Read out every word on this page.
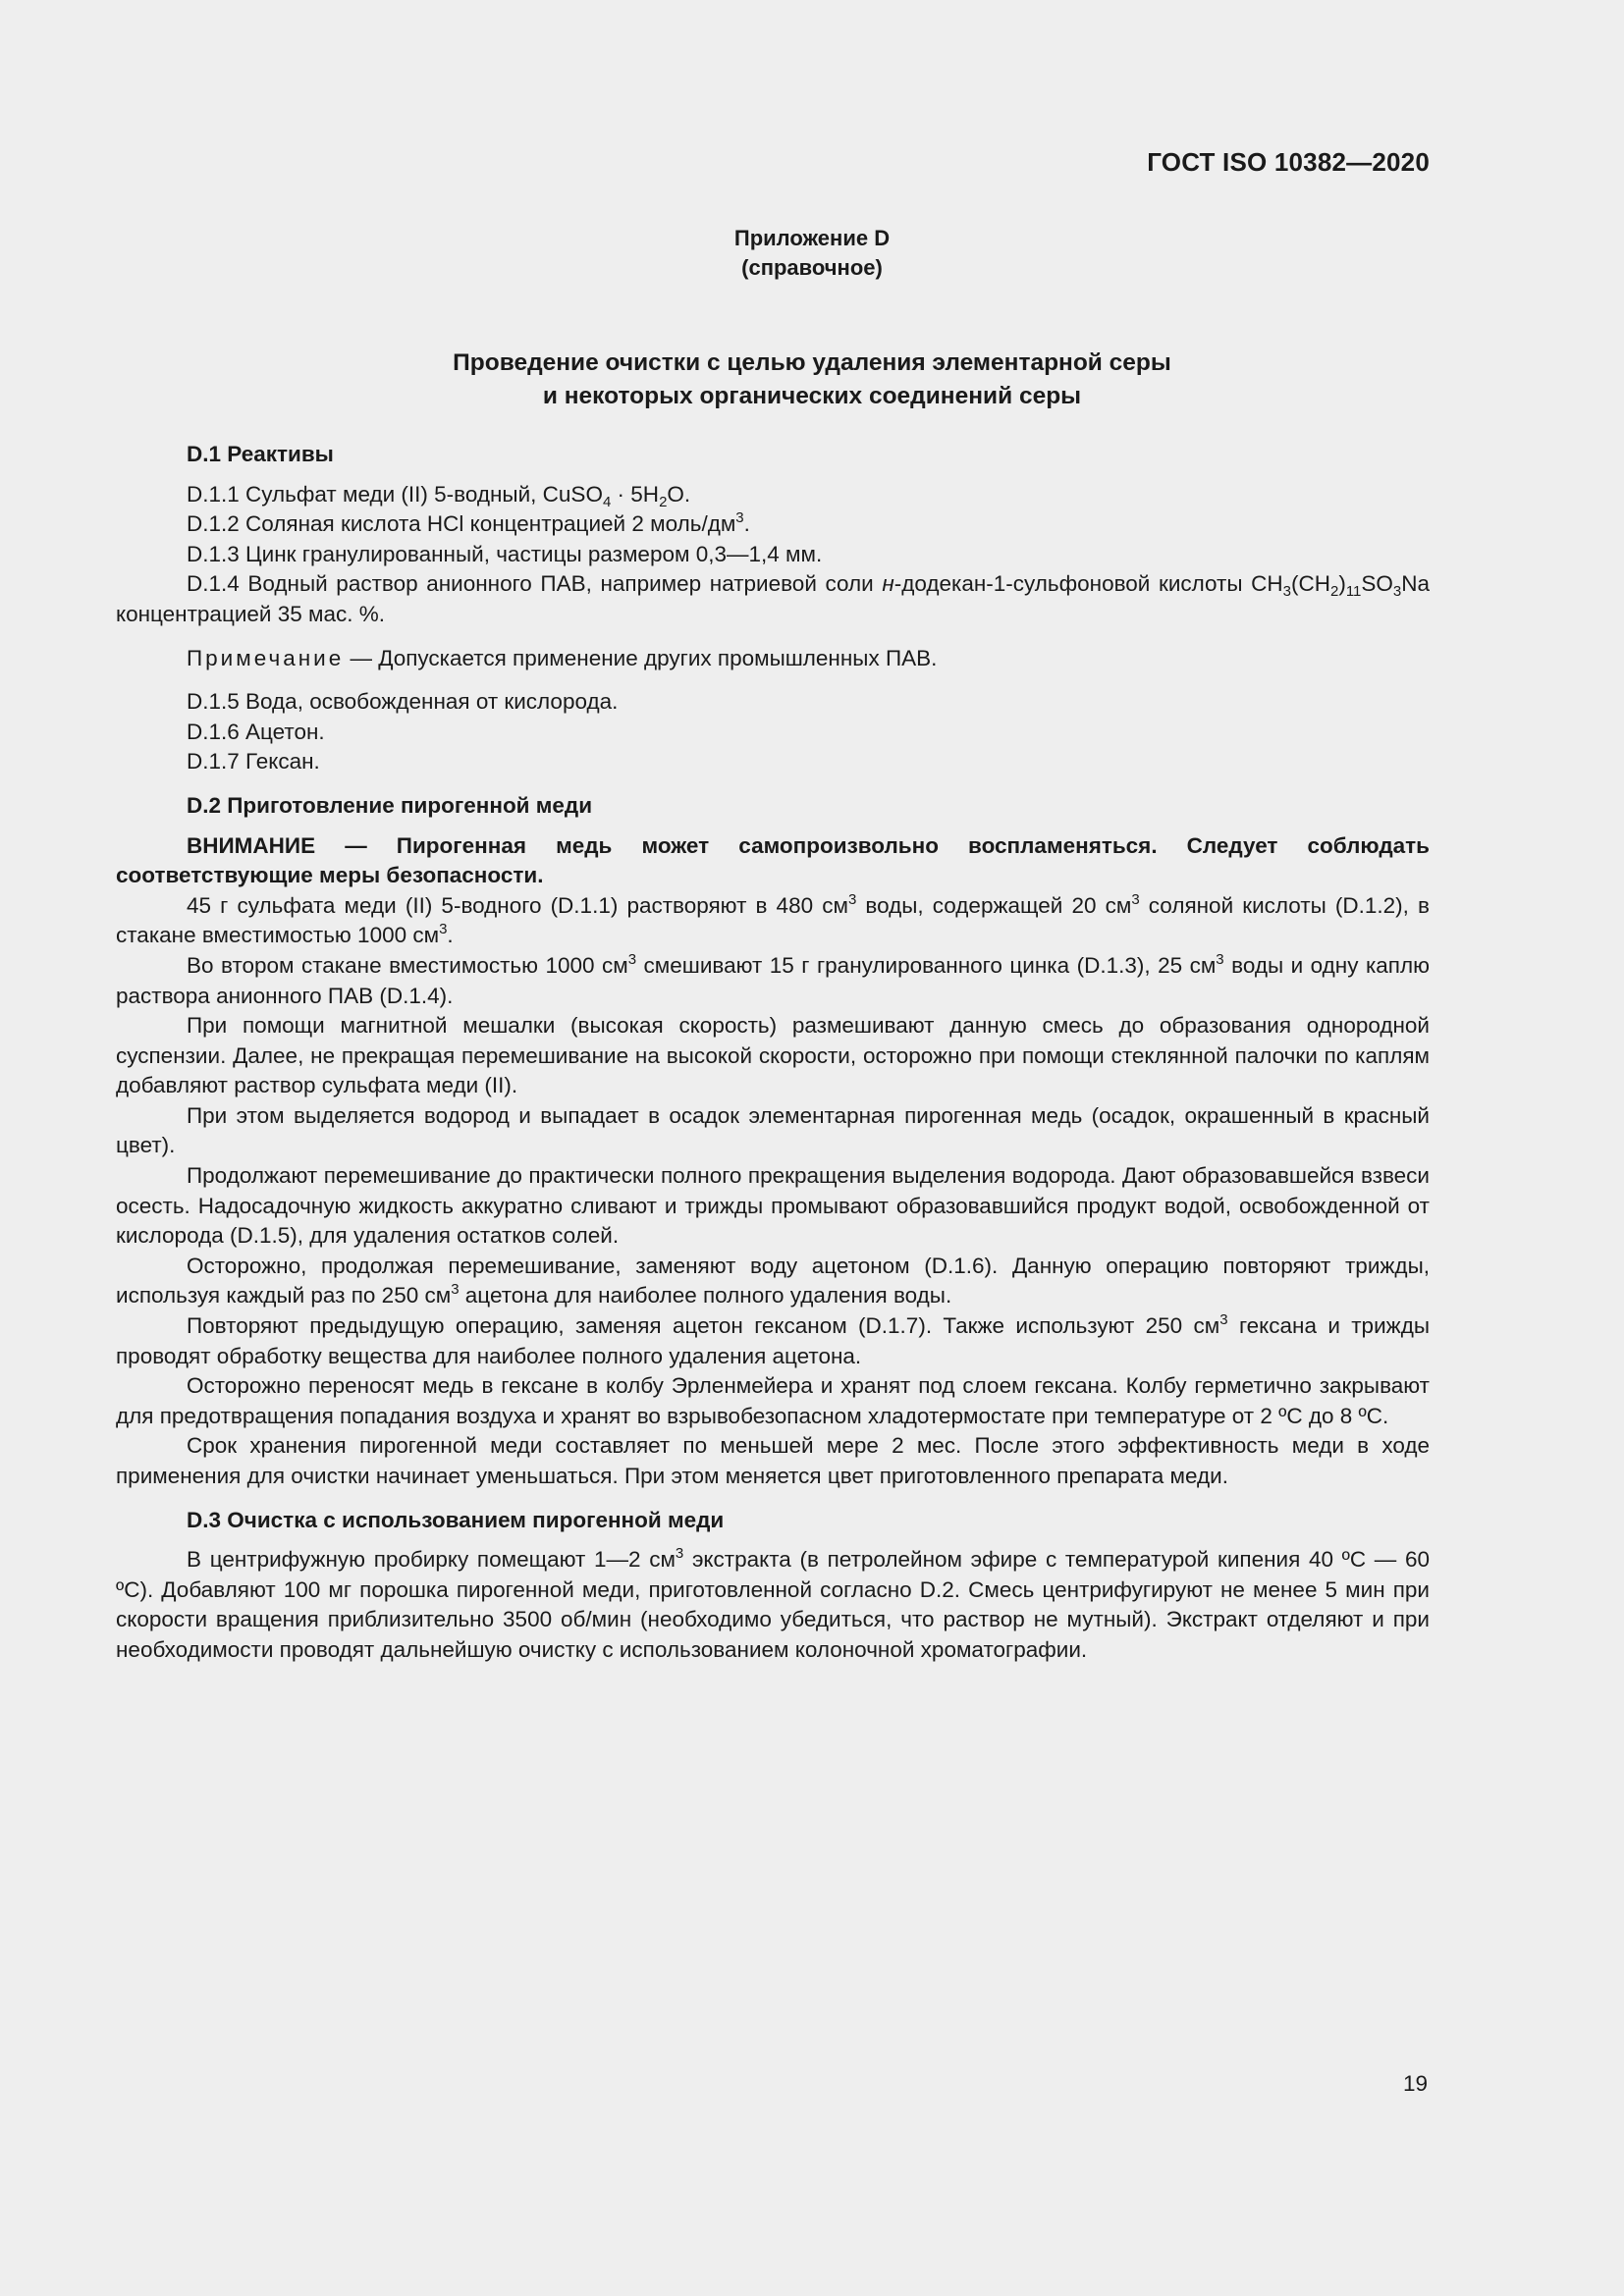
ГОСТ ISO 10382—2020
Приложение D
(справочное)
Проведение очистки с целью удаления элементарной серы
и некоторых органических соединений серы

D.1 Реактивы

D.1.1 Сульфат меди (II) 5-водный, CuSO$_4$ · $5H_2O$.

D.1.2 Соляная кислота HCl концентрацией 2 моль/$дм^3$.

D.1.3 Цинк гранулированный, частицы размером 0,3—1,4 мм.

D.1.4 Водный раствор анионного ПАВ, например натриевой соли н-додекан-1-сульфоновой кислоты $CH_3(CH_2)_{11}SO_3Na$ концентрацией 35 мас. %.

Примечание — Допускается применение других промышленных ПАВ.

D.1.5 Вода, освобожденная от кислорода.

D.1.6 Ацетон.

D.1.7 Гексан.

D.2 Приготовление пирогенной меди

ВНИМАНИЕ — Пирогенная медь может самопроизвольно воспламеняться. Следует соблюдать соответствующие меры безопасности.

45 г сульфата меди (II) 5-водного (D.1.1) растворяют в 480 $см^3$ воды, содержащей 20 $см^3$ соляной кислоты (D.1.2), в стакане вместимостью 1000 $см^3$.

Во втором стакане вместимостью 1000 $см^3$ смешивают 15 г гранулированного цинка (D.1.3), 25 $см^3$ воды и одну каплю раствора анионного ПАВ (D.1.4).

При помощи магнитной мешалки (высокая скорость) размешивают данную смесь до образования однородной суспензии. Далее, не прекращая перемешивание на высокой скорости, осторожно при помощи стеклянной палочки по каплям добавляют раствор сульфата меди (II).

При этом выделяется водород и выпадает в осадок элементарная пирогенная медь (осадок, окрашенный в красный цвет).

Продолжают перемешивание до практически полного прекращения выделения водорода. Дают образовавшейся взвеси осесть. Надосадочную жидкость аккуратно сливают и трижды промывают образовавшийся продукт водой, освобожденной от кислорода (D.1.5), для удаления остатков солей.

Осторожно, продолжая перемешивание, заменяют воду ацетоном (D.1.6). Данную операцию повторяют трижды, используя каждый раз по 250 $см^3$ ацетона для наиболее полного удаления воды.

Повторяют предыдущую операцию, заменяя ацетон гексаном (D.1.7). Также используют 250 $см^3$ гексана и трижды проводят обработку вещества для наиболее полного удаления ацетона.

Осторожно переносят медь в гексане в колбу Эрленмейера и хранят под слоем гексана. Колбу герметично закрывают для предотвращения попадания воздуха и хранят во взрывобезопасном хладотермостате при температуре от 2 ºС до 8 ºС.

Срок хранения пирогенной меди составляет по меньшей мере 2 мес. После этого эффективность меди в ходе применения для очистки начинает уменьшаться. При этом меняется цвет приготовленного препарата меди.

D.3 Очистка с использованием пирогенной меди

В центрифужную пробирку помещают 1—2 $см^3$ экстракта (в петролейном эфире с температурой кипения 40 ºС — 60 ºС). Добавляют 100 мг порошка пирогенной меди, приготовленной согласно D.2. Смесь центрифугируют не менее 5 мин при скорости вращения приблизительно 3500 об/мин (необходимо убедиться, что раствор не мутный). Экстракт отделяют и при необходимости проводят дальнейшую очистку с использованием колоночной хроматографии.

19
